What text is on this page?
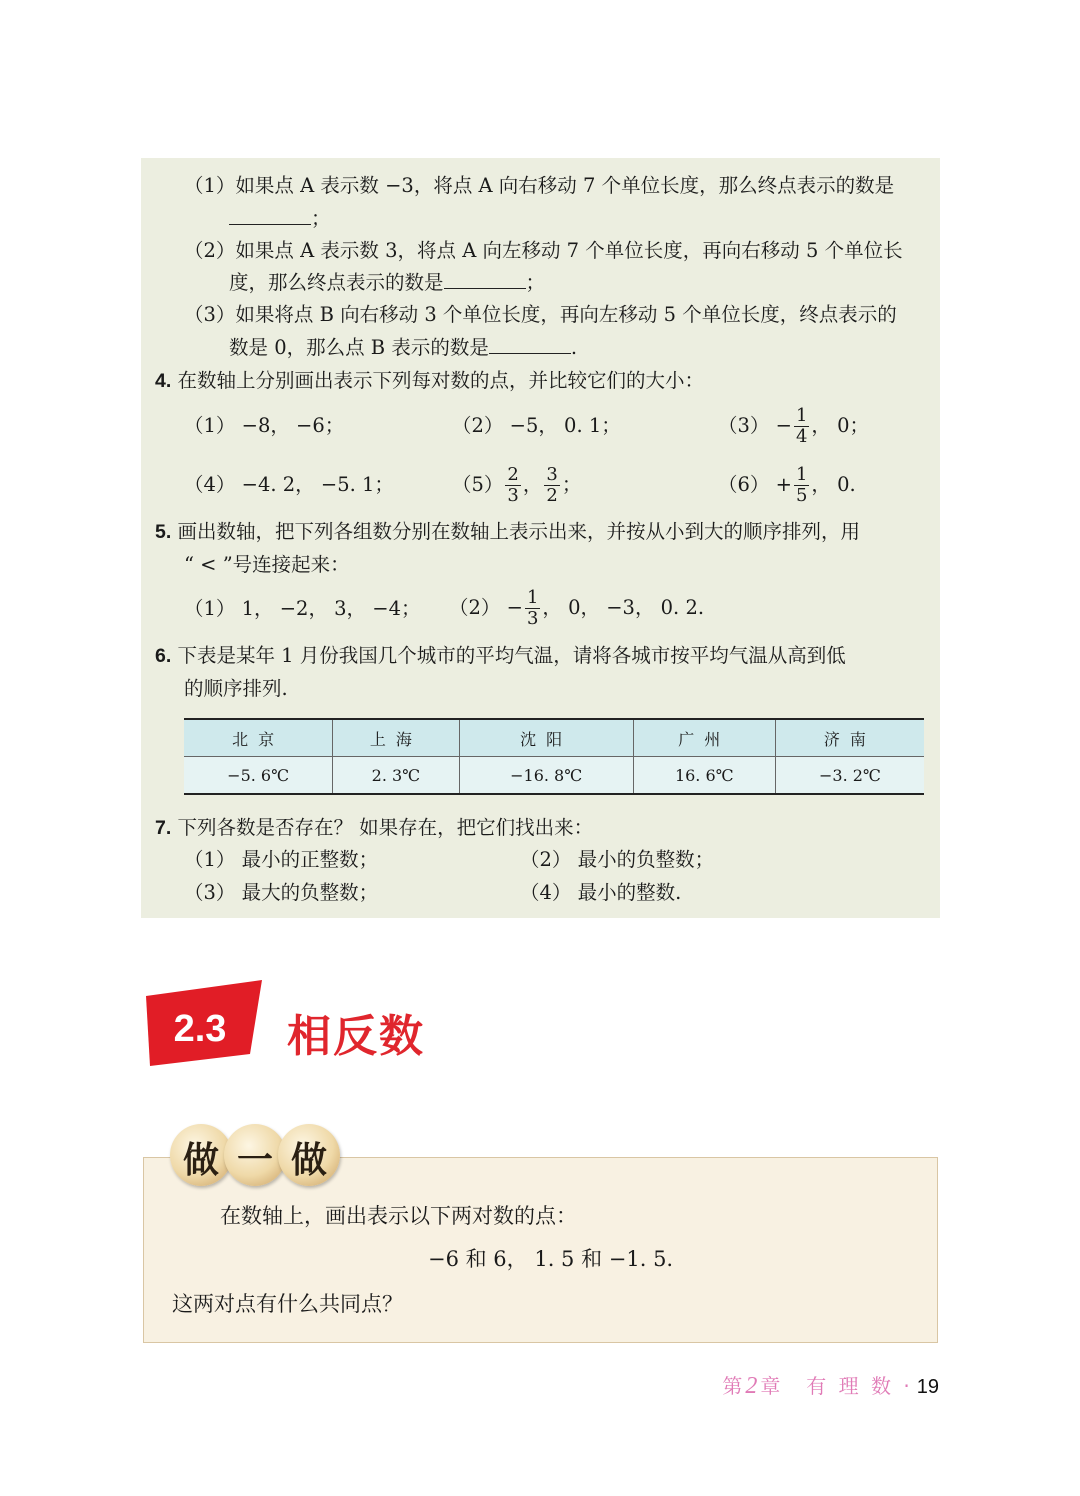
（1）如果点 A 表示数 −3，将点 A 向右移动 7 个单位长度，那么终点表示的数是
；
（2）如果点 A 表示数 3，将点 A 向左移动 7 个单位长度，再向右移动 5 个单位长
度，那么终点表示的数是	；
（3）如果将点 B 向右移动 3 个单位长度，再向左移动 5 个单位长度，终点表示的
数是 0，那么点 B 表示的数是	.
4. 在数轴上分别画出表示下列每对数的点，并比较它们的大小：
（1） −8， −6；	（2） −5， 0. 1；	$(3) - \frac{1}{4}$ ， 0；
（4） −4. 2， −5. 1；	$(5) \frac{2}{3}$ ， $\frac{3}{2}$ ；	$(6) + \frac{1}{5}$ ， 0.
5. 画出数轴，把下列各组数分别在数轴上表示出来，并按从小到大的顺序排列，用
“ < ”号连接起来：
（1） 1， −2， 3， −4； $(2) - \frac{1}{3}$ ， 0， −3， 0. 2.
6. 下表是某年 1 月份我国几个城市的平均气温，请将各城市按平均气温从高到低
的顺序排列.
北京	上海	沈阳	广州	济南
−5. 6℃	2. 3℃	−16. 8℃	16. 6℃	−3. 2℃
7. 下列各数是否存在？ 如果存在，把它们找出来：
（1） 最小的正整数；	（2） 最小的负整数；
（3） 最大的负整数；	（4） 最小的整数.
2.3	相反数
做 一 做
在数轴上，画出表示以下两对数的点：
−6 和 6， 1. 5 和 −1. 5.
这两对点有什么共同点？
第2章　有 理 数 · 19
